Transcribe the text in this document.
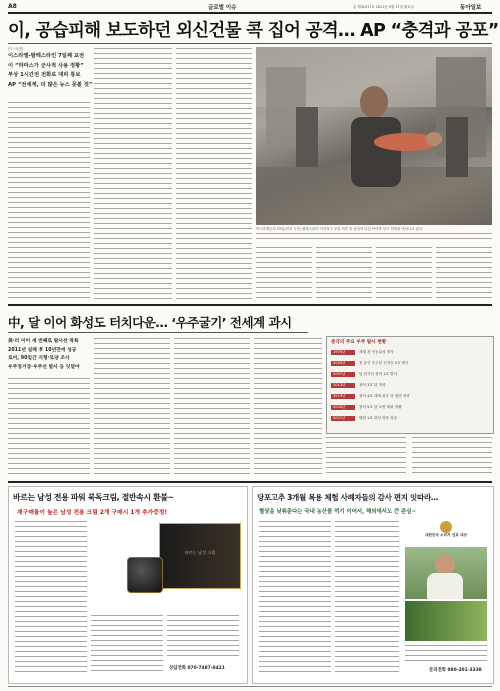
A8	글로벌 이슈	총 제31017호 2021년 5월 17일 월요일	동아일보
이, 공습피해 보도하던 외신건물 콕 집어 공격… AP “충격과 공포”
(이스라엘)
이스라엘-팔레스타인 7일째 교전
이 “하마스가 군사적 사용 정황”
부상 1시간전 전화로 대피 통보
AP “전세계, 더 많은 뉴스 못볼 것”
이스라엘군의 15일(현지 시간) 팔레스타인 가자지구 공습 직후 한 남성이 다친 아이를 안고 현장을 벗어나고 있다.
中, 달 이어 화성도 터치다운… ‘우주굴기’ 전세계 과시
美·러 이어 세 번째로 탐사선 착륙
2011년 실패 후 10년만에 성공
로버, 90일간 지형·토양 조사
우주정거장·우주선 발사 등 잇달아
중국의 주요 우주 탐사 현황
1970년	세계 첫 인공위성 발사
2003년	첫 유인 우주선 선저우 5호 발사
2007년	달 탐사선 창어 1호 발사
2013년	창어 3호 달 착륙
2019년	창어 4호 세계 최초 달 뒷면 착륙
2020년	창어 5호 달 토양 채취 귀환
2021년	톈원 1호 화성 착륙 성공
바르는 남성 전용 파워 북독크림, 절반속시 환불~
재구매율이 높은 남성 전용 크림 2개 구매시 1개 추가증정!
바르는 남성 크림
상담전화 070-7487-0421
당포고추 3개월 복용 체험 사례자들의 감사 편지 잇따라…
혈당을 낮춰준다는 국내 농산물 먹기 이어서, 해외에서도 큰 관심~
대한민국 소비자 선호 대상
문의전화 080-201-3338
